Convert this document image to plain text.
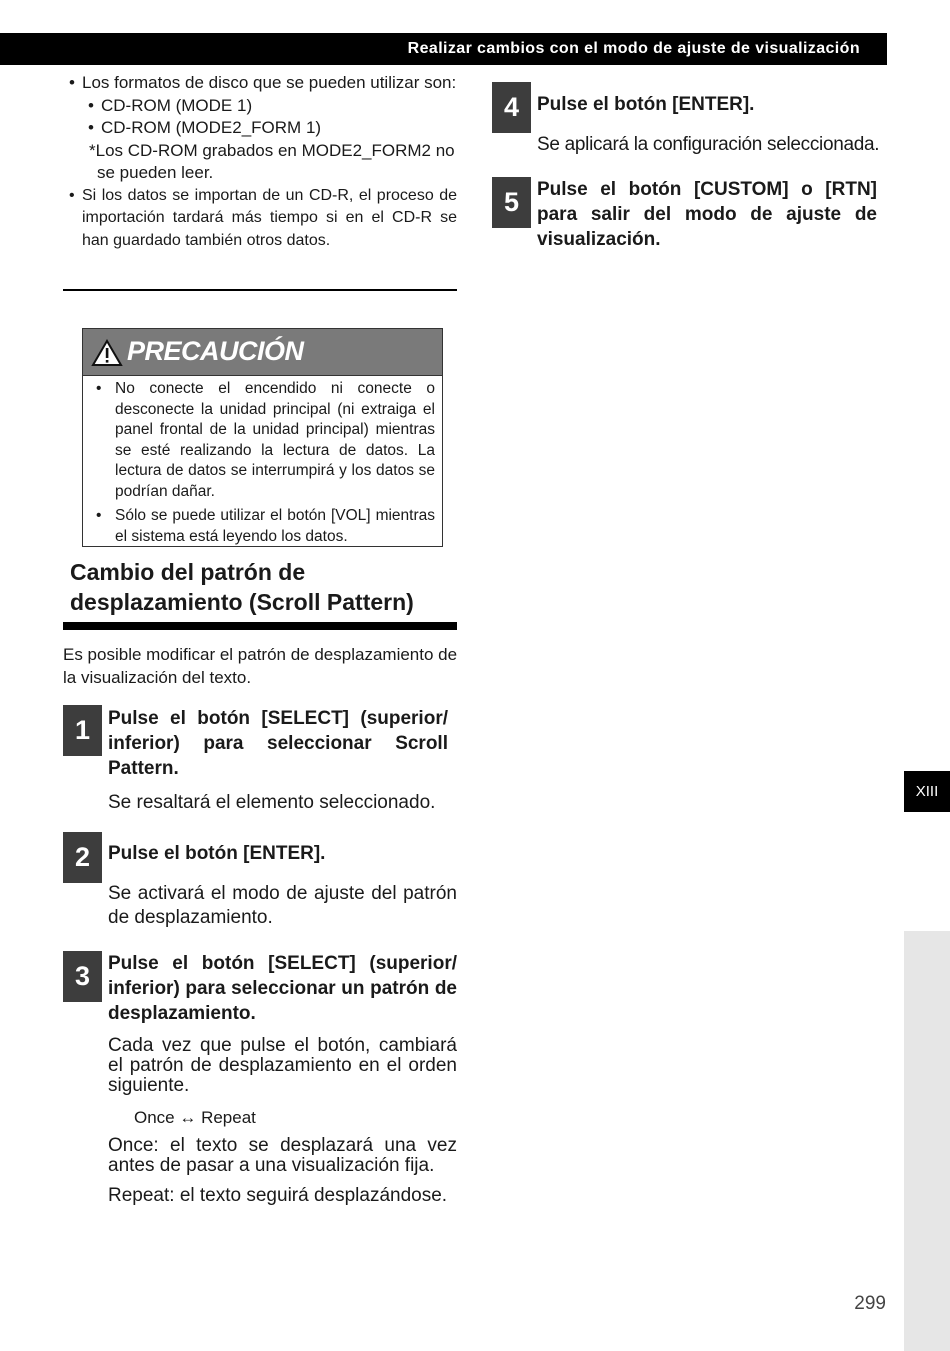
Realizar cambios con el modo de ajuste de visualización
• Los formatos de disco que se pueden utilizar son:
• CD-ROM (MODE 1)
• CD-ROM (MODE2_FORM 1)
*Los CD-ROM grabados en MODE2_FORM2 no se pueden leer.
• Si los datos se importan de un CD-R, el proceso de importación tardará más tiempo si en el CD-R se han guardado también otros datos.
PRECAUCIÓN
• No conecte el encendido ni conecte o desconecte la unidad principal (ni extraiga el panel frontal de la unidad principal) mientras se esté realizando la lectura de datos. La lectura de datos se interrumpirá y los datos se podrían dañar.
• Sólo se puede utilizar el botón [VOL] mientras el sistema está leyendo los datos.
Cambio del patrón de
desplazamiento (Scroll Pattern)
Es posible modificar el patrón de desplazamiento de la visualización del texto.
1 Pulse el botón [SELECT] (superior/ inferior) para seleccionar Scroll Pattern.
Se resaltará el elemento seleccionado.
2 Pulse el botón [ENTER].
Se activará el modo de ajuste del patrón de desplazamiento.
3 Pulse el botón [SELECT] (superior/ inferior) para seleccionar un patrón de desplazamiento.
Cada vez que pulse el botón, cambiará el patrón de desplazamiento en el orden siguiente.
Once ↔ Repeat
Once: el texto se desplazará una vez antes de pasar a una visualización fija.
Repeat: el texto seguirá desplazándose.
4 Pulse el botón [ENTER].
Se aplicará la configuración seleccionada.
5 Pulse el botón [CUSTOM] o [RTN] para salir del modo de ajuste de visualización.
XIII
299
